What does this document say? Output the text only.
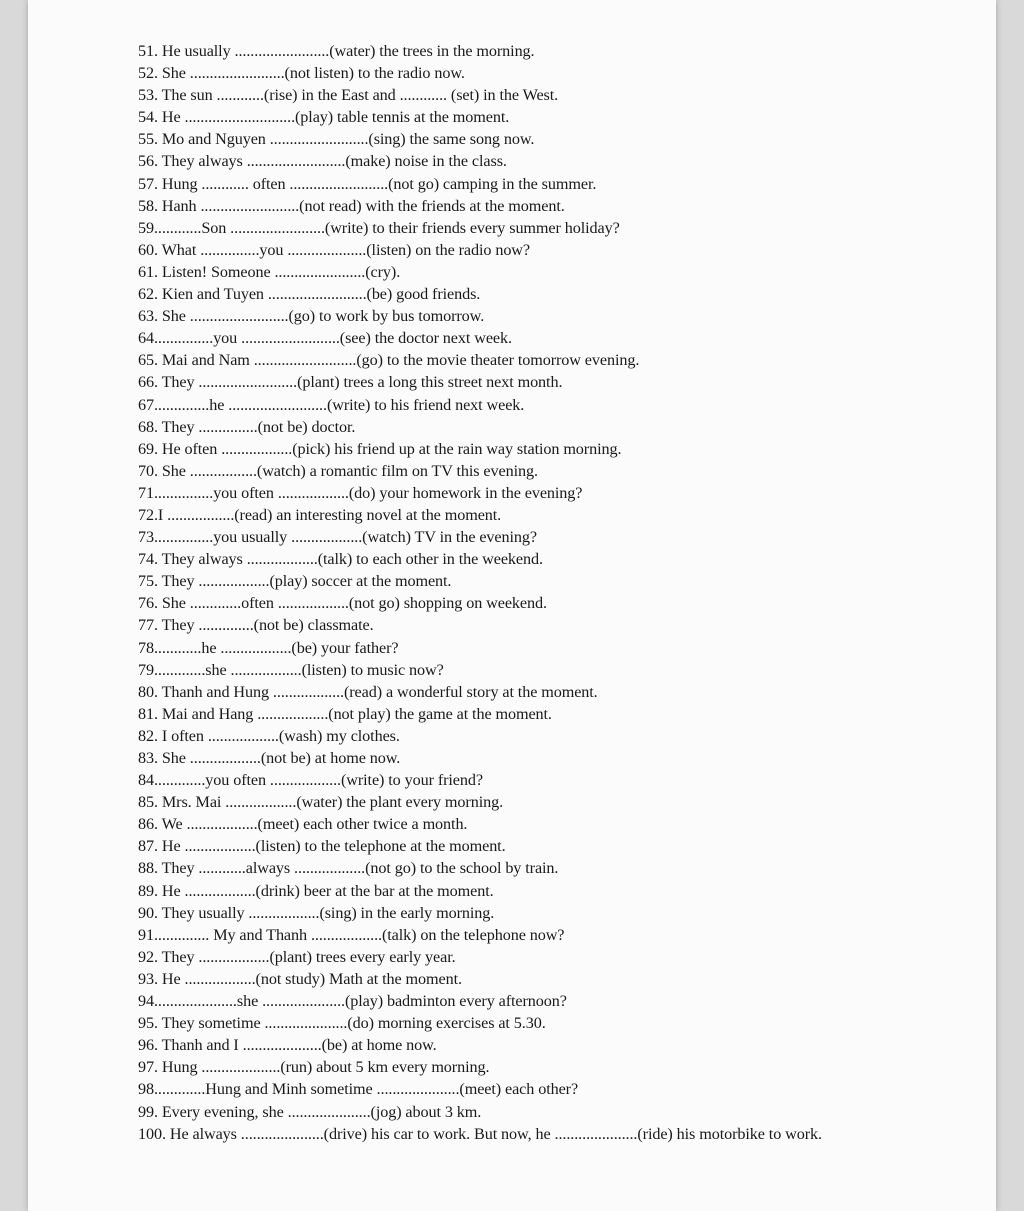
51. He usually ........................(water) the trees in the morning.
52. She ........................(not listen) to the radio now.
53. The sun ............(rise) in the East and ............ (set) in the West.
54. He ............................(play) table tennis at the moment.
55. Mo and Nguyen .........................(sing) the same song now.
56. They always .........................(make) noise in the class.
57. Hung ............ often .........................(not go) camping in the summer.
58. Hanh .........................(not read) with the friends at the moment.
59............Son ........................(write) to their friends every summer holiday?
60. What ...............you ....................(listen) on the radio now?
61. Listen! Someone .......................(cry).
62. Kien and Tuyen .........................(be) good friends.
63. She .........................(go) to work by bus tomorrow.
64...............you .........................(see) the doctor next week.
65. Mai and Nam ..........................(go) to the movie theater tomorrow evening.
66. They .........................(plant) trees a long this street next month.
67..............he .........................(write) to his friend next week.
68. They ...............(not be) doctor.
69. He often ..................(pick) his friend up at the rain way station morning.
70. She .................(watch) a romantic film on TV this evening.
71...............you often ..................(do) your homework in the evening?
72.I .................(read) an interesting novel at the moment.
73...............you usually ..................(watch) TV in the evening?
74. They always ..................(talk) to each other in the weekend.
75. They ..................(play) soccer at the moment.
76. She .............often ..................(not go) shopping on weekend.
77. They ..............(not be) classmate.
78............he ..................(be) your father?
79.............she ..................(listen) to music now?
80. Thanh and Hung ..................(read) a wonderful story at the moment.
81. Mai and Hang ..................(not play) the game at the moment.
82. I often ..................(wash) my clothes.
83. She ..................(not be) at home now.
84.............you often ..................(write) to your friend?
85. Mrs. Mai ..................(water) the plant every morning.
86. We ..................(meet) each other twice a month.
87. He ..................(listen) to the telephone at the moment.
88. They ............always ..................(not go) to the school by train.
89. He ..................(drink) beer at the bar at the moment.
90. They usually ..................(sing) in the early morning.
91.............. My and Thanh ..................(talk) on the telephone now?
92. They ..................(plant) trees every early year.
93. He ..................(not study) Math at the moment.
94.....................she .....................(play) badminton every afternoon?
95. They sometime .....................(do) morning exercises at 5.30.
96. Thanh and I ....................(be) at home now.
97. Hung ....................(run) about 5 km every morning.
98.............Hung and Minh sometime .....................(meet) each other?
99. Every evening, she .....................(jog) about 3 km.
100. He always .....................(drive) his car to work. But now, he .....................(ride) his motorbike to work.
